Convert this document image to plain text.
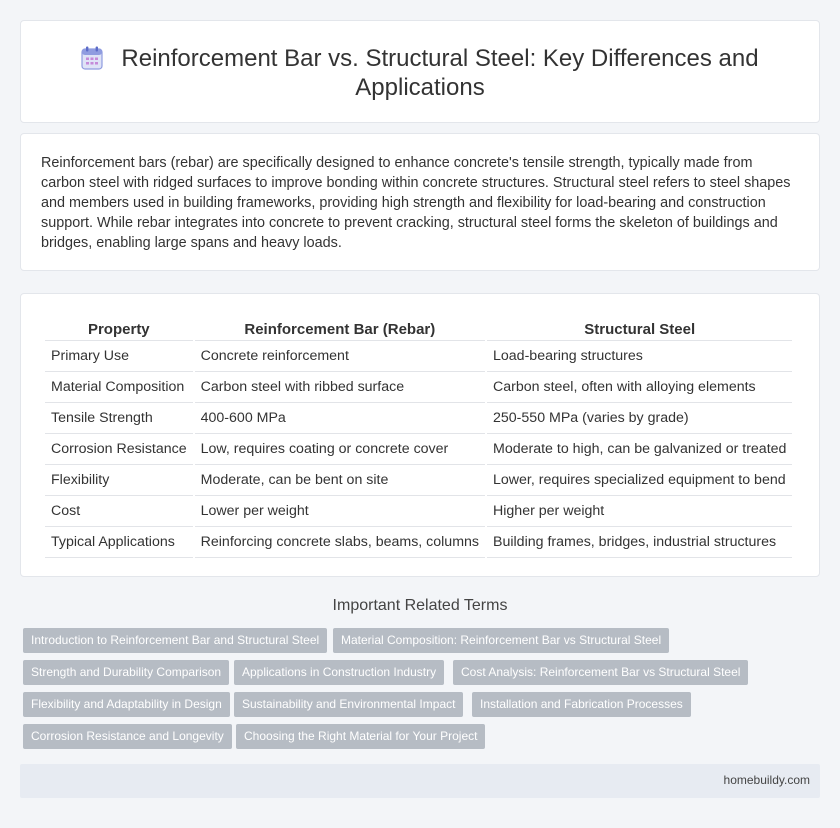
Reinforcement Bar vs. Structural Steel: Key Differences and Applications

Reinforcement bars (rebar) are specifically designed to enhance concrete's tensile strength, typically made from carbon steel with ridged surfaces to improve bonding within concrete structures. Structural steel refers to steel shapes and members used in building frameworks, providing high strength and flexibility for load-bearing and construction support. While rebar integrates into concrete to prevent cracking, structural steel forms the skeleton of buildings and bridges, enabling large spans and heavy loads.

Property	Reinforcement Bar (Rebar)	Structural Steel
Primary Use	Concrete reinforcement	Load-bearing structures
Material Composition	Carbon steel with ribbed surface	Carbon steel, often with alloying elements
Tensile Strength	400-600 MPa	250-550 MPa (varies by grade)
Corrosion Resistance	Low, requires coating or concrete cover	Moderate to high, can be galvanized or treated
Flexibility	Moderate, can be bent on site	Lower, requires specialized equipment to bend
Cost	Lower per weight	Higher per weight
Typical Applications	Reinforcing concrete slabs, beams, columns	Building frames, bridges, industrial structures
Important Related Terms
Introduction to Reinforcement Bar and Structural Steel	Material Composition: Reinforcement Bar vs Structural Steel
Strength and Durability Comparison	Applications in Construction Industry	Cost Analysis: Reinforcement Bar vs Structural Steel
Flexibility and Adaptability in Design	Sustainability and Environmental Impact	Installation and Fabrication Processes
Corrosion Resistance and Longevity	Choosing the Right Material for Your Project
homebuildy.com
